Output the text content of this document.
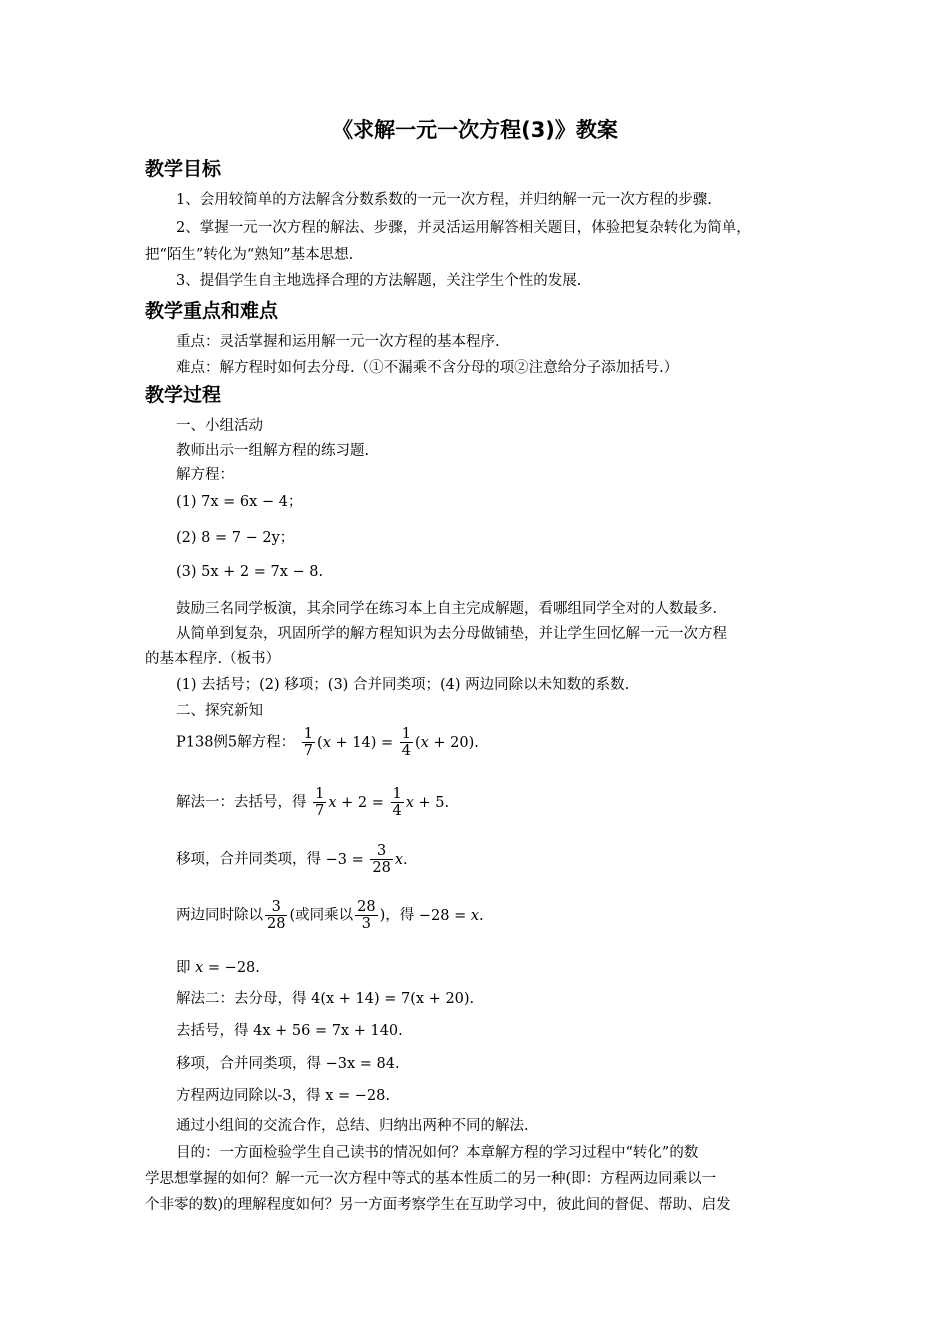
《求解一元一次方程(3)》教案
教学目标
1、会用较简单的方法解含分数系数的一元一次方程，并归纳解一元一次方程的步骤.
2、掌握一元一次方程的解法、步骤，并灵活运用解答相关题目，体验把复杂转化为简单，
把“陌生”转化为“熟知”基本思想.
3、提倡学生自主地选择合理的方法解题，关注学生个性的发展.
教学重点和难点
重点：灵活掌握和运用解一元一次方程的基本程序.
难点：解方程时如何去分母.（①不漏乘不含分母的项②注意给分子添加括号.）
教学过程
一、小组活动
教师出示一组解方程的练习题.
解方程：
(1) 7x = 6x − 4；
(2) 8 = 7 − 2y；
(3) 5x + 2 = 7x − 8.
鼓励三名同学板演，其余同学在练习本上自主完成解题，看哪组同学全对的人数最多.
从简单到复杂，巩固所学的解方程知识为去分母做铺垫，并让学生回忆解一元一次方程
的基本程序.（板书）
(1) 去括号；(2) 移项；(3) 合并同类项；(4) 两边同除以未知数的系数.
二、探究新知
P138例5解方程： $\frac{1}{7} (x + 14) = \frac{1}{4} (x + 20)$.
解法一：去括号，得 $\frac{1}{7}$ $x + 2 = \frac{1}{4}$ x + 5.
移项，合并同类项，得 $-3 = \frac{3}{28} x$.
两边同时除以 $\frac{3}{28}$ (或同乘以 $\frac{28}{3}$ )，得 −28 = x.
即 x = −28.
解法二：去分母，得 4(x + 14) = 7(x + 20).
去括号，得 4x + 56 = 7x + 140.
移项，合并同类项，得 −3x = 84.
方程两边同除以-3，得 x = −28.
通过小组间的交流合作，总结、归纳出两种不同的解法.
目的：一方面检验学生自己读书的情况如何？本章解方程的学习过程中“转化”的数
学思想掌握的如何？解一元一次方程中等式的基本性质二的另一种(即：方程两边同乘以一
个非零的数)的理解程度如何？另一方面考察学生在互助学习中，彼此间的督促、帮助、启发
